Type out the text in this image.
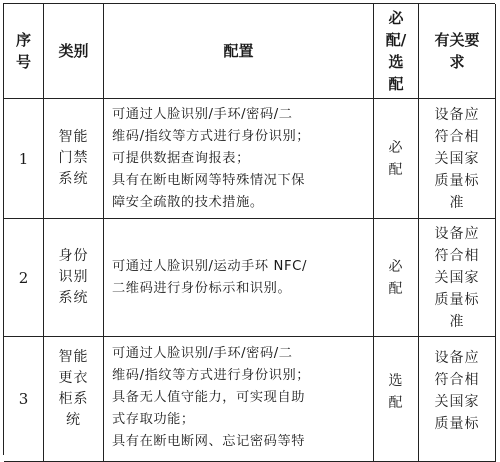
序
号
类别	配置
必
配/
选
配
有关要
求
1
智能
门禁
系统
可通过人脸识别/手环/密码/二
维码/指纹等方式进行身份识别；
可提供数据查询报表；
具有在断电断网等特殊情况下保
障安全疏散的技术措施。
必
配
设备应
符合相
关国家
质量标
准
2
身份
识别
系统
可通过人脸识别/运动手环 NFC/
二维码进行身份标示和识别。
必
配
设备应
符合相
关国家
质量标
准
3
智能
更衣
柜系
统
可通过人脸识别/手环/密码/二
维码/指纹等方式进行身份识别；
具备无人值守能力，可实现自助
式存取功能；
具有在断电断网、忘记密码等特
选
配
设备应
符合相
关国家
质量标
